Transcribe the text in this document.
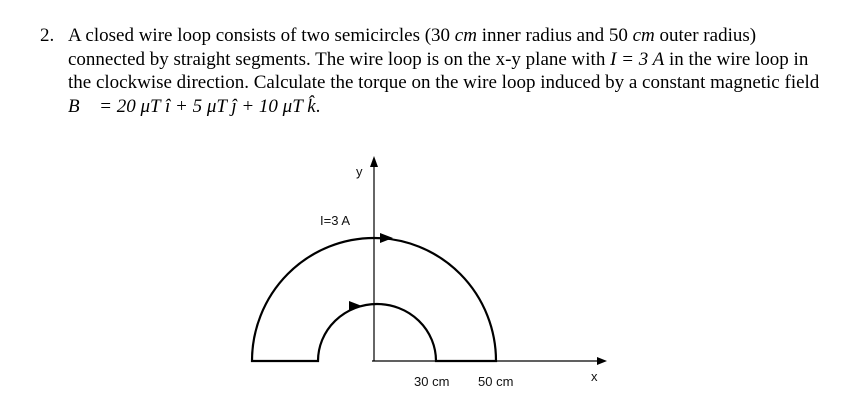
2. A closed wire loop consists of two semicircles (30 cm inner radius and 50 cm outer radius) connected by straight segments. The wire loop is on the x-y plane with I = 3 A in the wire loop in the clockwise direction. Calculate the torque on the wire loop induced by a constant magnetic field B⃗ = 20 μT î + 5 μT ĵ + 10 μT k̂.
y
I=3 A
30 cm 50 cm	x
